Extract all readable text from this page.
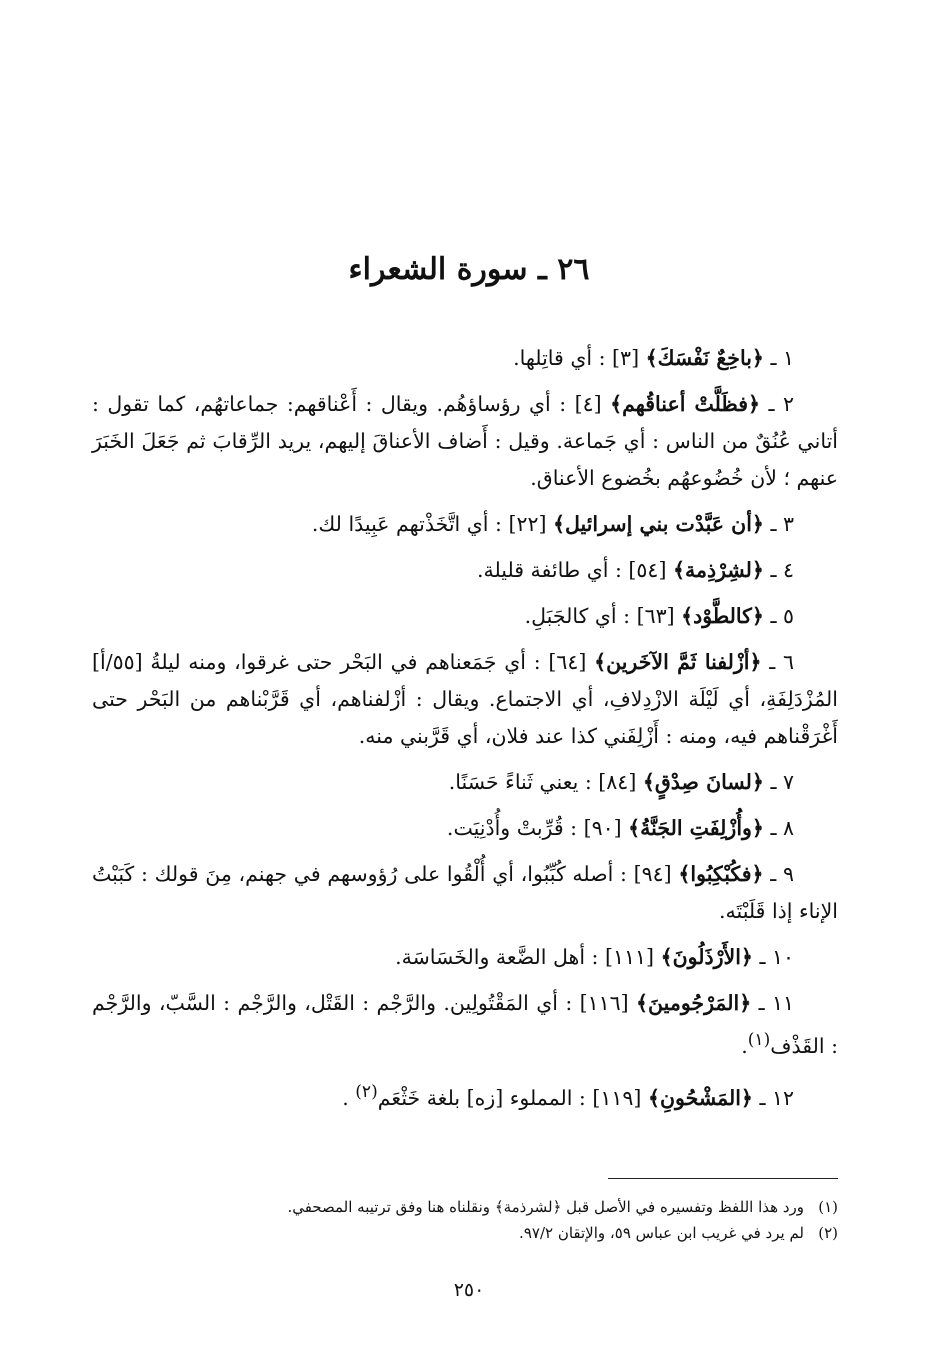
٢٦ ـ سورة الشعراء

١ ـ ﴿باخِعٌ نَفْسَكَ﴾ [٣] : أي قاتِلها.

٢ ـ ﴿فظَلَّتْ أعناقُهم﴾ [٤] : أي رؤساؤهُم. ويقال : أَعْناقهم: جماعاتهُم، كما تقول : أتاني عُنُقٌ من الناس : أي جَماعة. وقيل : أَضاف الأعناقَ إليهم، يريد الرِّقابَ ثم جَعَلَ الخَبَرَ عنهم ؛ لأن خُضُوعهُم بخُضوع الأعناق.

٣ ـ ﴿أن عَبَّدْت بني إسرائيل﴾ [٢٢] : أي اتَّخَذْتهم عَبِيدًا لك.

٤ ـ ﴿لشِرْذِمة﴾ [٥٤] : أي طائفة قليلة.

٥ ـ ﴿كالطَّوْد﴾ [٦٣] : أي كالجَبَلِ.

٦ ـ ﴿أزْلفنا ثَمَّ الآخَرين﴾ [٦٤] : أي جَمَعناهم في البَحْر حتى غرقوا، ومنه ليلةُ [٥٥/أ] المُزْدَلِفَةِ، أي لَيْلَة الازْدِلافِ، أي الاجتماع. ويقال : أزْلفناهم، أي قَرَّبْناهم من البَحْر حتى أَغْرَقْناهم فيه، ومنه : أَزْلِفَني كذا عند فلان، أي قَرَّبني منه.

٧ ـ ﴿لسانَ صِدْقٍ﴾ [٨٤] : يعني ثَناءً حَسَنًا.

٨ ـ ﴿وأُزْلِفَتِ الجَنَّةُ﴾ [٩٠] : قُرِّبتْ وأُدْنِيَت.

٩ ـ ﴿فكُبْكِبُوا﴾ [٩٤] : أصله كُبِّبُوا، أي أُلْقُوا على رُؤوسهم في جهنم، مِنَ قولك : كَبَبْتُ الإناء إذا قَلَبْتَه.

١٠ ـ ﴿الأَرْذَلُونَ﴾ [١١١] : أهل الضَّعة والخَسَاسَة.

١١ ـ ﴿المَرْجُومينَ﴾ [١١٦] : أي المَقْتُولِين. والرَّجْم : القَتْل، والرَّجْم : السَّبّ، والرَّجْم : القَذْف$^{(١)}$.

١٢ ـ ﴿المَشْحُونِ﴾ [١١٩] : المملوء [زه] بلغة خَثْعَم$^{(٢)}$ .

(١)ورد هذا اللفظ وتفسيره في الأصل قبل ﴿لشرذمة﴾ ونقلناه هنا وفق ترتيبه المصحفي.

(٢)لم يرد في غريب ابن عباس ٥٩، والإتقان ٩٧/٢.

٢٥٠
